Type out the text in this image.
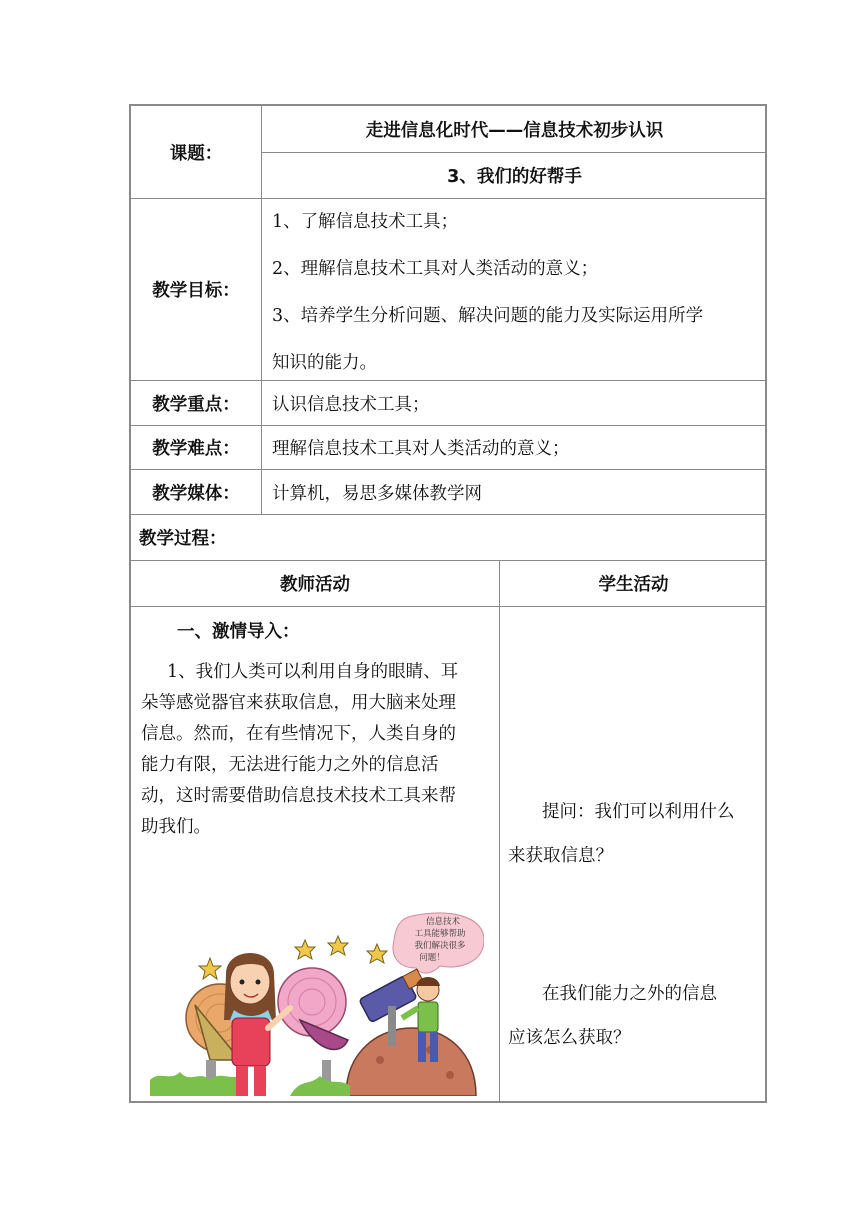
课题：
走进信息化时代——信息技术初步认识
3、我们的好帮手
教学目标：

1、了解信息技术工具；

2、理解信息技术工具对人类活动的意义；

3、培养学生分析问题、解决问题的能力及实际运用所学

知识的能力。

教学重点：	认识信息技术工具；
教学难点：	理解信息技术工具对人类活动的意义；
教学媒体：	计算机，易思多媒体教学网
教学过程：
教师活动	学生活动

一、激情导入：

1、我们人类可以利用自身的眼睛、耳

朵等感觉器官来获取信息，用大脑来处理

信息。然而，在有些情况下，人类自身的

能力有限，无法进行能力之外的信息活

动，这时需要借助信息技术技术工具来帮

助我们。

信息技术
工具能够帮助
我们解决很多
问题！

提问：我们可以利用什么

来获取信息？

在我们能力之外的信息

应该怎么获取？
